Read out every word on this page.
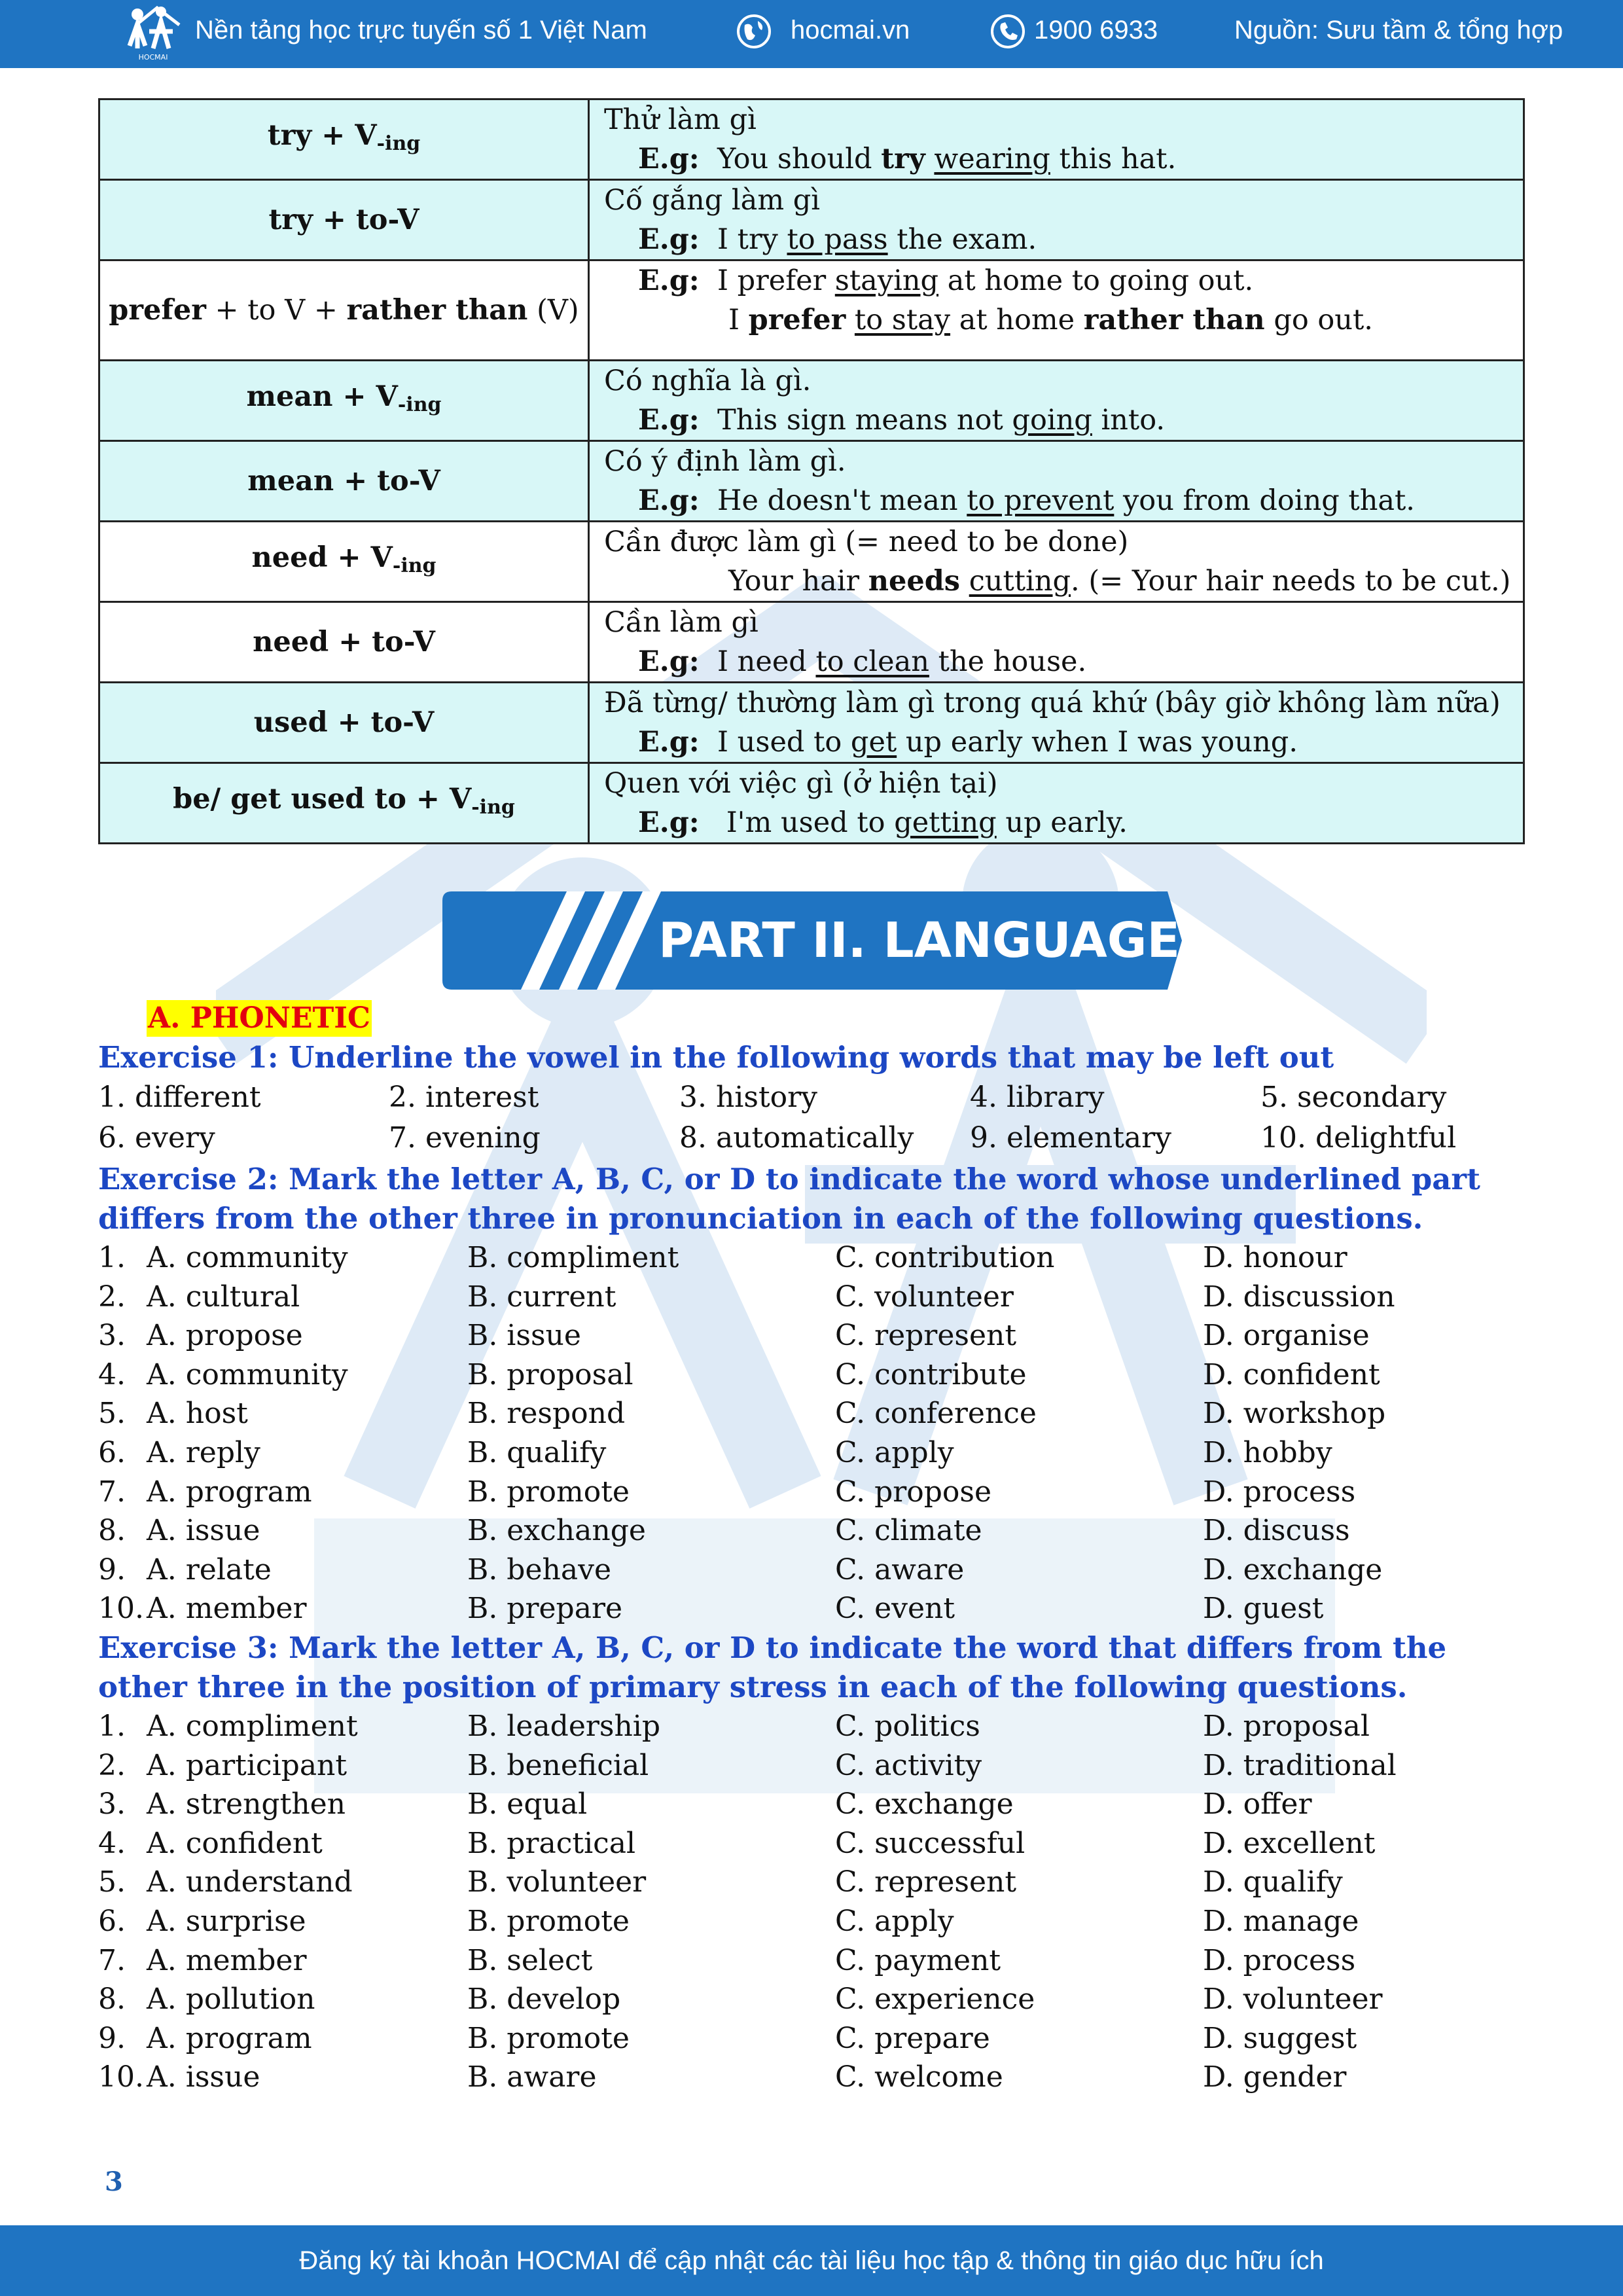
HOCMAI
Nền tảng học trực tuyến số 1 Việt Nam	hocmai.vn	1900 6933	Nguồn: Sưu tầm & tổng hợp
try + $V_{-ing}$	Thử làm gì
E.g:  You should try wearing this hat.

try + to-V	Cố gắng làm gì
E.g:  I try to pass the exam.

prefer + to V + rather than (V)	E.g:  I prefer staying at home to going out.
I prefer to stay at home rather than go out.

mean + $V_{-ing}$	Có nghĩa là gì.
E.g:  This sign means not going into.

mean + to-V	Có ý định làm gì.
E.g:  He doesn't mean to prevent you from doing that.

need + $V_{-ing}$	Cần được làm gì (= need to be done)
Your hair needs cutting. (= Your hair needs to be cut.)

need + to-V	Cần làm gì
E.g:  I need to clean the house.

used + to-V	Đã từng/ thường làm gì trong quá khứ (bây giờ không làm nữa)
E.g:  I used to get up early when I was young.

be/ get used to + $V_{-ing}$	Quen với việc gì (ở hiện tại)
E.g:   I'm used to getting up early.
PART II. LANGUAGE
A. PHONETIC
Exercise 1: Underline the vowel in the following words that may be left out
1. different	2. interest	3. history	4. library	5. secondary
6. every	7. evening	8. automatically 9. elementary	10. delightful
Exercise 2: Mark the letter A, B, C, or D to indicate the word whose underlined part differs from the other three in pronunciation in each of the following questions.
1. A. community	B. compliment	C. contribution	D. honour
2. A. cultural	B. current	C. volunteer	D. discussion
3. A. propose	B. issue	C. represent	D. organise
4. A. community	B. proposal	C. contribute	D. confident
5. A. host	B. respond	C. conference	D. workshop
6. A. reply	B. qualify	C. apply	D. hobby
7. A. program	B. promote	C. propose	D. process
8. A. issue	B. exchange	C. climate	D. discuss
9. A. relate	B. behave	C. aware	D. exchange
10. A. member	B. prepare	C. event	D. guest
Exercise 3: Mark the letter A, B, C, or D to indicate the word that differs from the other three in the position of primary stress in each of the following questions.
1. A. compliment	B. leadership	C. politics	D. proposal
2. A. participant	B. beneficial	C. activity	D. traditional
3. A. strengthen	B. equal	C. exchange	D. offer
4. A. confident	B. practical	C. successful	D. excellent
5. A. understand	B. volunteer	C. represent	D. qualify
6. A. surprise	B. promote	C. apply	D. manage
7. A. member	B. select	C. payment	D. process
8. A. pollution	B. develop	C. experience	D. volunteer
9. A. program	B. promote	C. prepare	D. suggest
10. A. issue	B. aware	C. welcome	D. gender
3
Đăng ký tài khoản HOCMAI để cập nhật các tài liệu học tập & thông tin giáo dục hữu ích
